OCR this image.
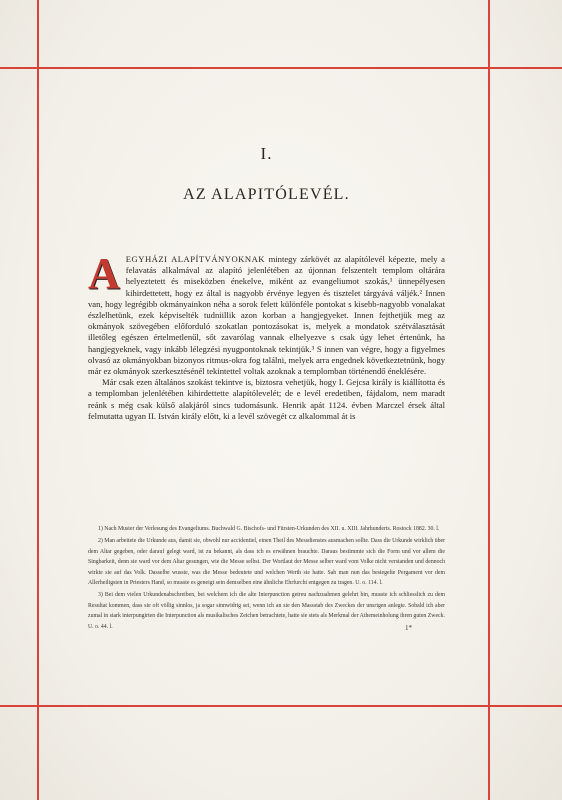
I.
AZ ALAPITÓLEVÉL.

A EGYHÁZI ALAPÍTVÁNYOKNAK mintegy zárkövét az alapítólevél képezte, mely a felavatás alkalmával az alapító jelenlétében az újonnan felszentelt templom oltárára helyeztetett és miseközben énekelve, miként az evangeliumot szokás,¹ ünnepélyesen kihirdettetett, hogy ez által is nagyobb érvénye legyen és tisztelet tárgyává váljék.² Innen van, hogy legrégibb okmányainkon néha a sorok felett különféle pontokat s kisebb-nagyobb vonalakat észlelhetünk, ezek képviselték tudniillik azon korban a hangjegyeket. Innen fejthetjük meg az okmányok szövegében előforduló szokatlan pontozásokat is, melyek a mondatok szétválasztását illetőleg egészen értelmetlenűl, sőt zavarólag vannak elhelyezve s csak úgy lehet értenünk, ha hangjegyeknek, vagy inkább lélegzési nyugpontoknak tekintjük.³ S innen van végre, hogy a figyelmes olvasó az okmányokban bizonyos ritmus-okra fog találni, melyek arra engednek következtetnünk, hogy már ez okmányok szerkesztésénél tekintettel voltak azoknak a templomban történendő éneklésére.

Már csak ezen általános szokást tekintve is, biztosra vehetjük, hogy I. Gejcsa király is kiállította és a templomban jelenlétében kihirdettette alapítólevelét; de e levél eredetiben, fájdalom, nem maradt reánk s még csak külső alakjáról sincs tudomásunk. Henrik apát 1124. évben Marczel érsek által felmutatta ugyan II. István király előtt, ki a levél szövegét cz alkalommal át is

1) Nach Muster der Verlesung des Evangeliums. Buchwald G. Bischofs- und Fürsten-Urkunden des XII. u. XIII. Jahrhunderts. Rostock 1882. 30. l.

2) Man arbeitete die Urkunde aus, damit sie, obwohl nur accidentiel, einen Theil des Messdienstes ausmachen sollte. Dass die Urkunde wirklich über dem Altar gegeben, oder darauf gelegt ward, ist zu bekannt, als dass ich es erwähnen brauchte. Daraus bestimmte sich die Form und vor allem die Singbarkeit, denn sie ward vor dem Altar gesungen, wie die Messe selbst. Der Wortlaut der Messe selber ward vom Volke nicht verstanden und dennoch wirkte sie auf das Volk. Dasselbe wusste, was die Messe bedeutete und welchen Werth sie hatte. Sah man nun das besiegelte Pergament vor dem Allerheiligsten in Priesters Hand, so musste es geneigt sein demselben eine ähnliche Ehrfurcht entgegen zu tragen. U. o. 114. l.

3) Bei dem vielen Urkundenabschreiben, bei welchem ich die alte Interpunction getreu nachzuahmen gelehrt bin, musste ich schliesslich zu dem Resultat kommen, dass sie oft völlig sinnlos, ja sogar sinnwidrig sei, wenn ich an sie den Massstab des Zweckes der unsrigen anlegte. Sobald ich aber zumal in stark interpungirten die Interpunction als musikalisches Zeichen betrachtete, hatte sie stets als Merkmal der Athemeinholung ihren guten Zweck. U. o. 44. l.	1*
